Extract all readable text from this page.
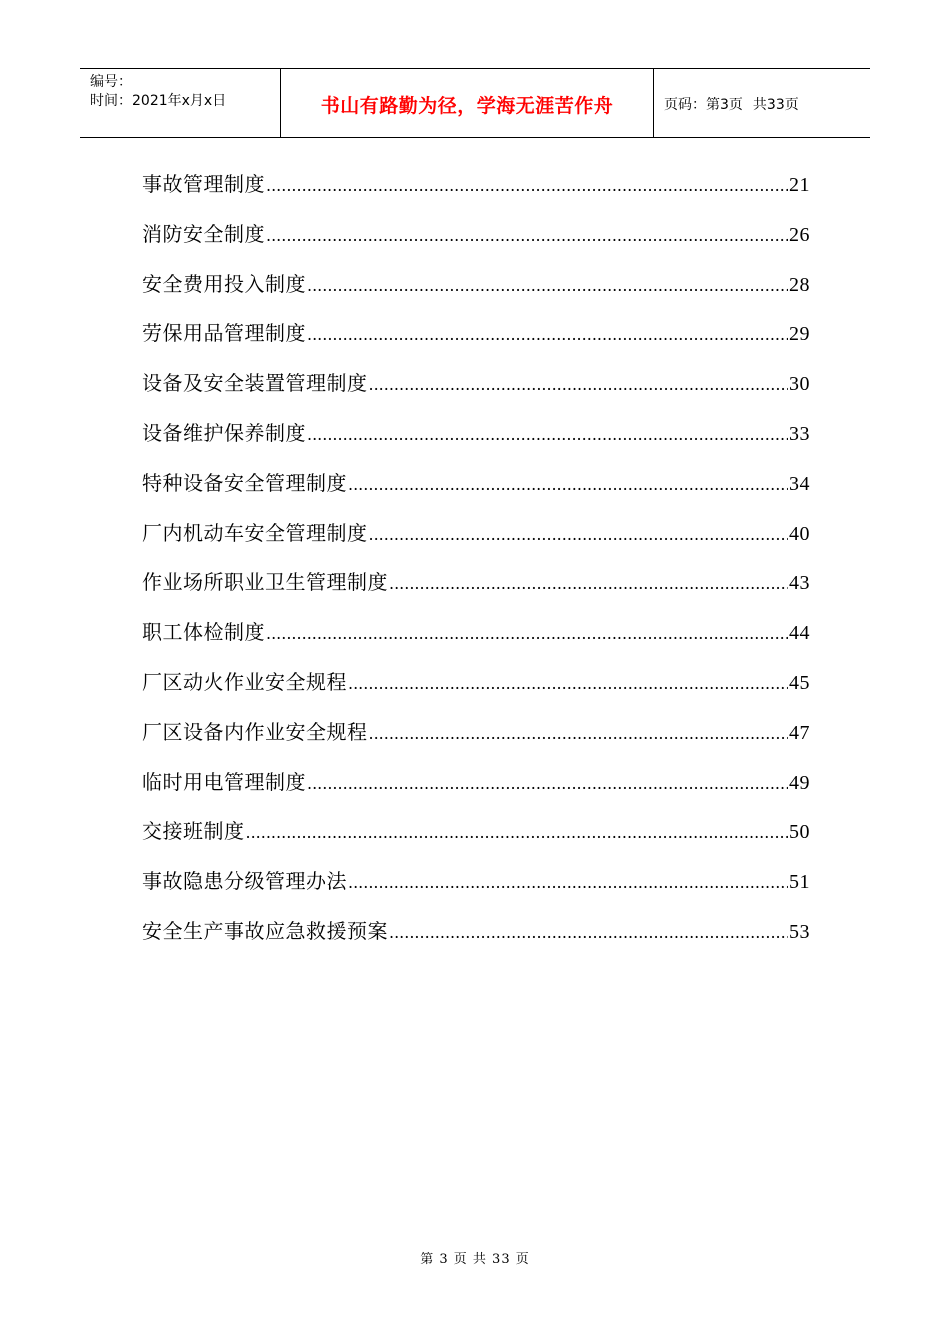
编号：
时间：2021年x月x日	书山有路勤为径，学海无涯苦作舟	页码：第3页 共33页
事故管理制度 .....	21
消防安全制度 .....	26
安全费用投入制度 .....	28
劳保用品管理制度 .....	29
设备及安全装置管理制度 .....	30
设备维护保养制度 .....	33
特种设备安全管理制度 .....	34
厂内机动车安全管理制度 .....	40
作业场所职业卫生管理制度 .....	43
职工体检制度 .....	44
厂区动火作业安全规程 .....	45
厂区设备内作业安全规程 .....	47
临时用电管理制度 .....	49
交接班制度 .....	50
事故隐患分级管理办法 .....	51
安全生产事故应急救援预案 .....	53
第 3 页 共 33 页
